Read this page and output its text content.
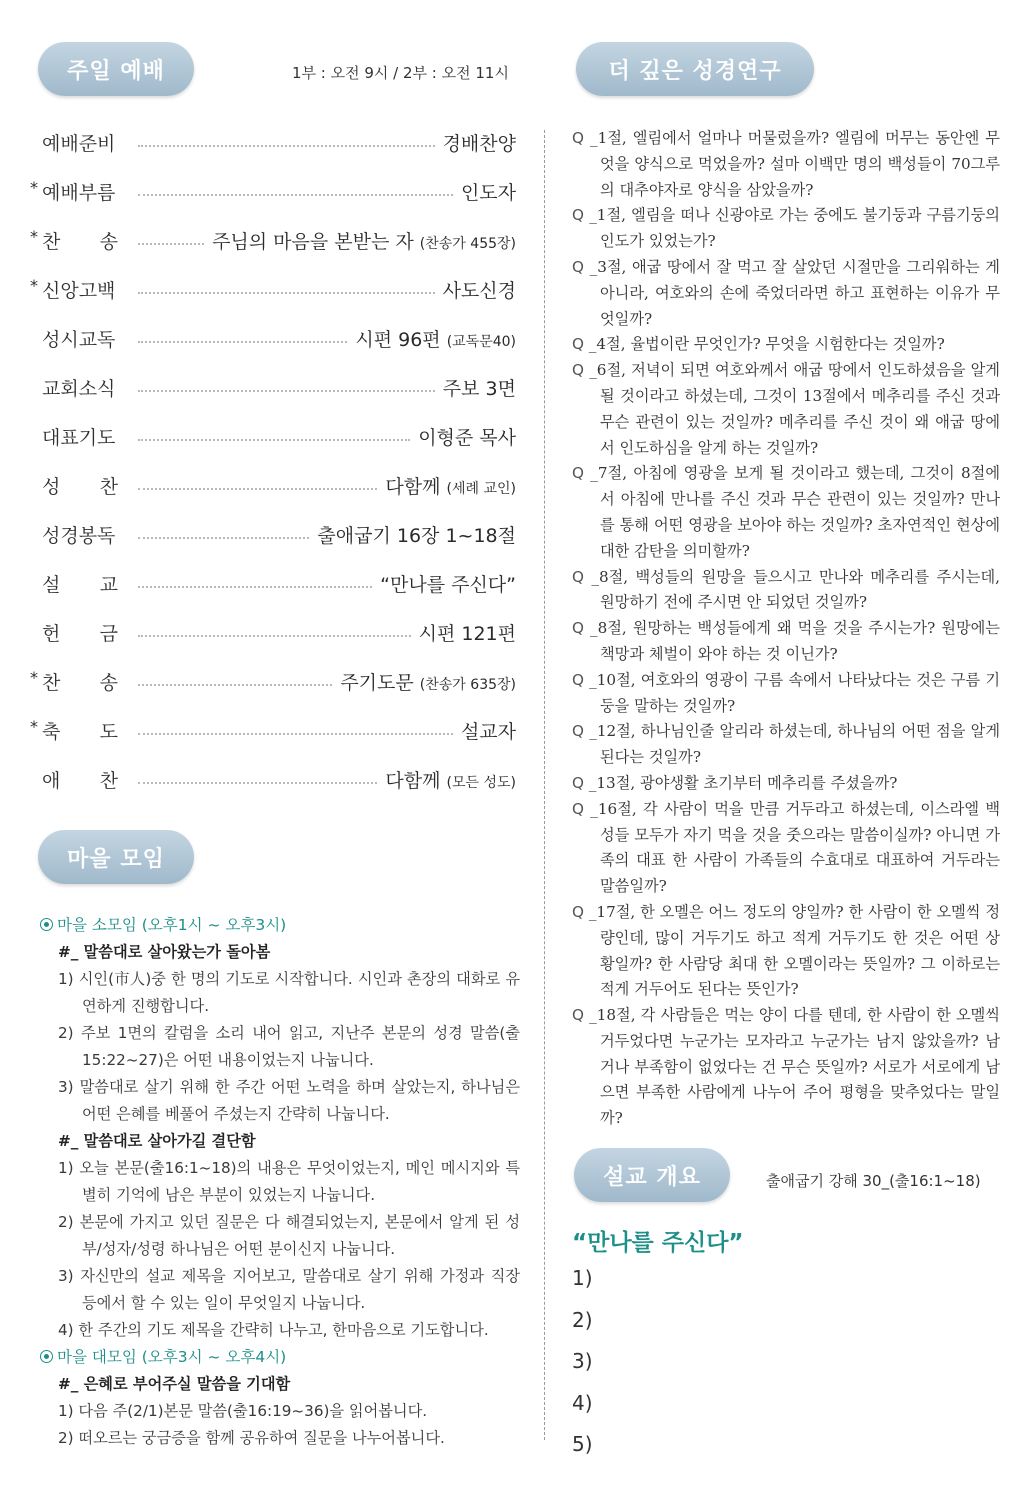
주일 예배	1부 : 오전 9시 / 2부 : 오전 11시	더 깊은 성경연구
마을 모임
설교 개요
예배준비	경배찬양
* 예배부름	인도자
* 찬 송	주님의 마음을 본받는 자 (찬송가 455장)
* 신앙고백	사도신경
성시교독	시편 96편 (교독문40)
교회소식	주보 3면
대표기도	이형준 목사
성 찬	다함께 (세례 교인)
성경봉독	출애굽기 16장 1~18절
설 교	“만나를 주신다”
헌 금	시편 121편
* 찬 송	주기도문 (찬송가 635장)
* 축 도	설교자
애 찬	다함께 (모든 성도)
마을 소모임 (오후1시 ~ 오후3시)
#_ 말씀대로 살아왔는가 돌아봄
1) 시인(市人)중 한 명의 기도로 시작합니다. 시인과 촌장의 대화로 유연하게 진행합니다.
2) 주보 1면의 칼럼을 소리 내어 읽고, 지난주 본문의 성경 말씀(출15:22~27)은 어떤 내용이었는지 나눕니다.
3) 말씀대로 살기 위해 한 주간 어떤 노력을 하며 살았는지, 하나님은 어떤 은혜를 베풀어 주셨는지 간략히 나눕니다.
#_ 말씀대로 살아가길 결단함
1) 오늘 본문(출16:1~18)의 내용은 무엇이었는지, 메인 메시지와 특별히 기억에 남은 부분이 있었는지 나눕니다.
2) 본문에 가지고 있던 질문은 다 해결되었는지, 본문에서 알게 된 성부/성자/성령 하나님은 어떤 분이신지 나눕니다.
3) 자신만의 설교 제목을 지어보고, 말씀대로 살기 위해 가정과 직장 등에서 할 수 있는 일이 무엇일지 나눕니다.
4) 한 주간의 기도 제목을 간략히 나누고, 한마음으로 기도합니다.
마을 대모임 (오후3시 ~ 오후4시)
#_ 은혜로 부어주실 말씀을 기대함
1) 다음 주(2/1)본문 말씀(출16:19~36)을 읽어봅니다.
2) 떠오르는 궁금증을 함께 공유하여 질문을 나누어봅니다.
Q _1절, 엘림에서 얼마나 머물렀을까? 엘림에 머무는 동안엔 무엇을 양식으로 먹었을까? 설마 이백만 명의 백성들이 70그루의 대추야자로 양식을 삼았을까?
Q _1절, 엘림을 떠나 신광야로 가는 중에도 불기둥과 구름기둥의 인도가 있었는가?
Q _3절, 애굽 땅에서 잘 먹고 잘 살았던 시절만을 그리워하는 게 아니라, 여호와의 손에 죽었더라면 하고 표현하는 이유가 무엇일까?
Q _4절, 율법이란 무엇인가? 무엇을 시험한다는 것일까?
Q _6절, 저녁이 되면 여호와께서 애굽 땅에서 인도하셨음을 알게 될 것이라고 하셨는데, 그것이 13절에서 메추리를 주신 것과 무슨 관련이 있는 것일까? 메추리를 주신 것이 왜 애굽 땅에서 인도하심을 알게 하는 것일까?
Q _7절, 아침에 영광을 보게 될 것이라고 했는데, 그것이 8절에서 아침에 만나를 주신 것과 무슨 관련이 있는 것일까? 만나를 통해 어떤 영광을 보아야 하는 것일까? 초자연적인 현상에 대한 감탄을 의미할까?
Q _8절, 백성들의 원망을 들으시고 만나와 메추리를 주시는데, 원망하기 전에 주시면 안 되었던 것일까?
Q _8절, 원망하는 백성들에게 왜 먹을 것을 주시는가? 원망에는 책망과 체벌이 와야 하는 것 이닌가?
Q _10절, 여호와의 영광이 구름 속에서 나타났다는 것은 구름 기둥을 말하는 것일까?
Q _12절, 하나님인줄 알리라 하셨는데, 하나님의 어떤 점을 알게 된다는 것일까?
Q _13절, 광야생활 초기부터 메추리를 주셨을까?
Q _16절, 각 사람이 먹을 만큼 거두라고 하셨는데, 이스라엘 백성들 모두가 자기 먹을 것을 줏으라는 말씀이실까? 아니면 가족의 대표 한 사람이 가족들의 수효대로 대표하여 거두라는 말씀일까?
Q _17절, 한 오멜은 어느 정도의 양일까? 한 사람이 한 오멜씩 정량인데, 많이 거두기도 하고 적게 거두기도 한 것은 어떤 상황일까? 한 사람당 최대 한 오멜이라는 뜻일까? 그 이하로는 적게 거두어도 된다는 뜻인가?
Q _18절, 각 사람들은 먹는 양이 다를 텐데, 한 사람이 한 오멜씩 거두었다면 누군가는 모자라고 누군가는 남지 않았을까? 남거나 부족함이 없었다는 건 무슨 뜻일까? 서로가 서로에게 남으면 부족한 사람에게 나누어 주어 평형을 맞추었다는 말일까?
출애굽기 강해 30_(출16:1~18)
“만나를 주신다”
1)
2)
3)
4)
5)
